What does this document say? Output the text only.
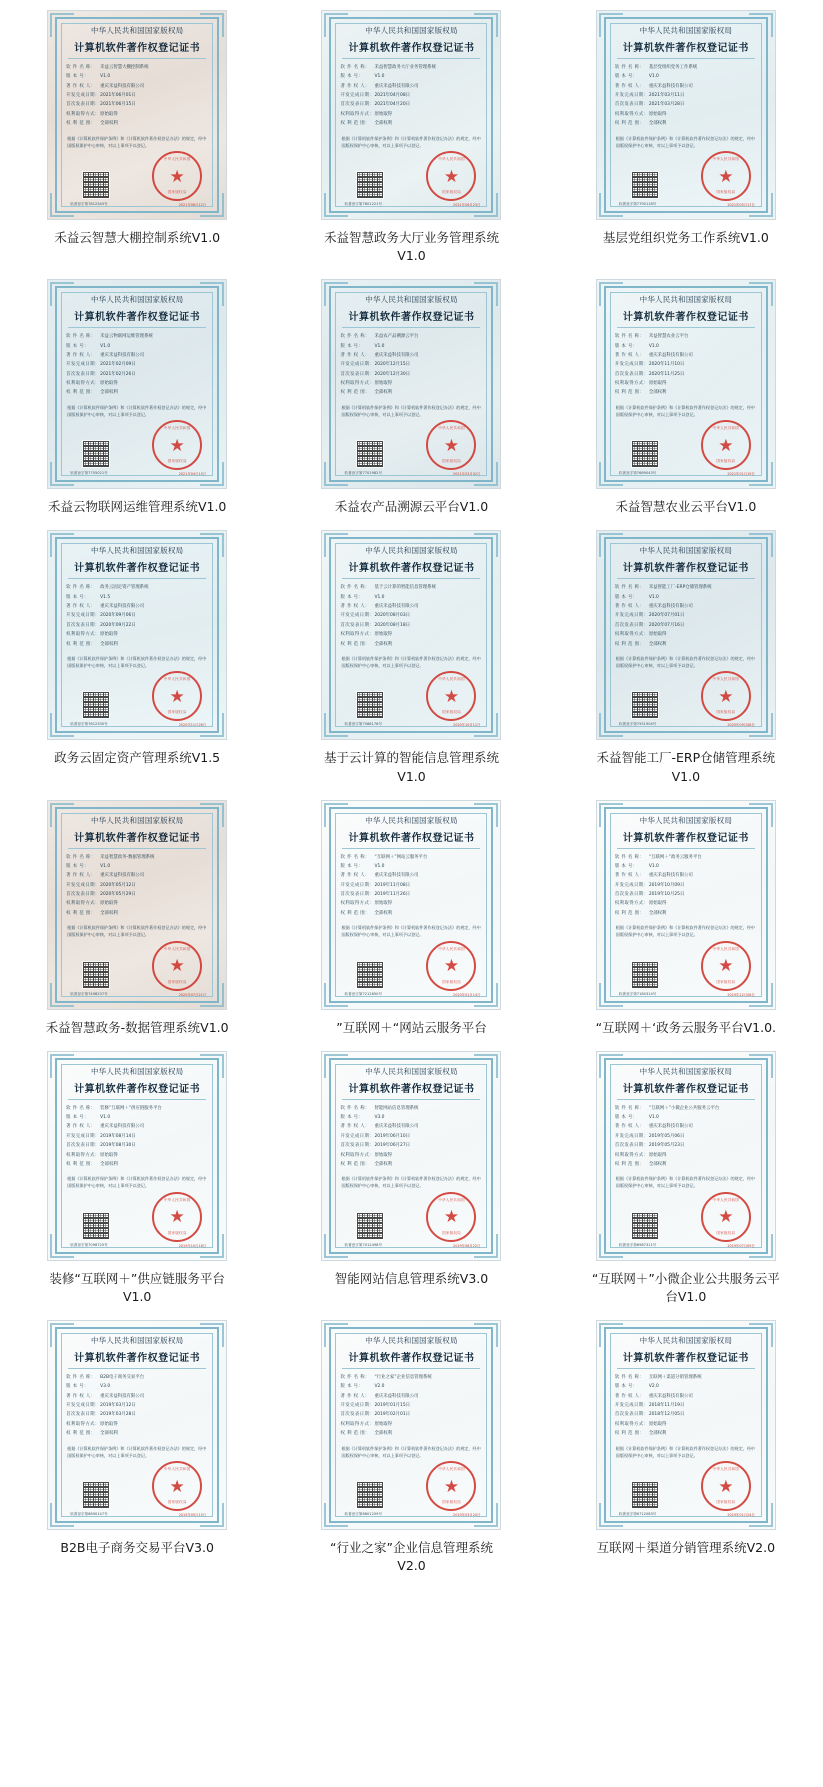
中华人民共和国国家版权局
计算机软件著作权登记证书
软 件 名 称：	禾益云智慧大棚控制系统
版 本 号：	V1.0
著 作 权 人：	重庆禾益科技有限公司
开发完成日期： 2021年06月01日
首次发表日期： 2021年06月15日
权利取得方式： 原始取得
权 利 范 围：	全部权利
根据《计算机软件保护条例》和《计算机软件著作权登记办法》的规定，经中国版权保护中心审核，对以上事项予以登记。
中华人民共和国
★
国家版权局
2021年08月12日
软著登字第7812345号
禾益云智慧大棚控制系统V1.0
中华人民共和国国家版权局
计算机软件著作权登记证书
软 件 名 称：	禾益智慧政务大厅业务管理系统
版 本 号：	V1.0
著 作 权 人：	重庆禾益科技有限公司
开发完成日期： 2021年04月08日
首次发表日期： 2021年04月20日
权利取得方式： 原始取得
权 利 范 围：	全部权利
根据《计算机软件保护条例》和《计算机软件著作权登记办法》的规定，经中国版权保护中心审核，对以上事项予以登记。
中华人民共和国
★
国家版权局
2021年06月23日
软著登字第7801221号
禾益智慧政务大厅业务管理系统V1.0
中华人民共和国国家版权局
计算机软件著作权登记证书
软 件 名 称：	基层党组织党务工作系统
版 本 号：	V1.0
著 作 权 人：	重庆禾益科技有限公司
开发完成日期： 2021年03月11日
首次发表日期： 2021年03月28日
权利取得方式： 原始取得
权 利 范 围：	全部权利
根据《计算机软件保护条例》和《计算机软件著作权登记办法》的规定，经中国版权保护中心审核，对以上事项予以登记。
中华人民共和国
★
国家版权局
2021年05月17日
软著登字第7790118号
基层党组织党务工作系统V1.0
中华人民共和国国家版权局
计算机软件著作权登记证书
软 件 名 称：	禾益云物联网运维管理系统
版 本 号：	V1.0
著 作 权 人：	重庆禾益科技有限公司
开发完成日期： 2021年02月09日
首次发表日期： 2021年02月26日
权利取得方式： 原始取得
权 利 范 围：	全部权利
根据《计算机软件保护条例》和《计算机软件著作权登记办法》的规定，经中国版权保护中心审核，对以上事项予以登记。
中华人民共和国
★
国家版权局
2021年04月15日
软著登字第7755021号
禾益云物联网运维管理系统V1.0
中华人民共和国国家版权局
计算机软件著作权登记证书
软 件 名 称：	禾益农产品溯源云平台
版 本 号：	V1.0
著 作 权 人：	重庆禾益科技有限公司
开发完成日期： 2020年12月15日
首次发表日期： 2020年12月30日
权利取得方式： 原始取得
权 利 范 围：	全部权利
根据《计算机软件保护条例》和《计算机软件著作权登记办法》的规定，经中国版权保护中心审核，对以上事项予以登记。
中华人民共和国
★
国家版权局
2021年03月02日
软著登字第7701982号
禾益农产品溯源云平台V1.0
中华人民共和国国家版权局
计算机软件著作权登记证书
软 件 名 称：	禾益智慧农业云平台
版 本 号：	V1.0
著 作 权 人：	重庆禾益科技有限公司
开发完成日期： 2020年11月10日
首次发表日期： 2020年11月25日
权利取得方式： 原始取得
权 利 范 围：	全部权利
根据《计算机软件保护条例》和《计算机软件著作权登记办法》的规定，经中国版权保护中心审核，对以上事项予以登记。
中华人民共和国
★
国家版权局
2021年01月19日
软著登字第7689043号
禾益智慧农业云平台V1.0
中华人民共和国国家版权局
计算机软件著作权登记证书
软 件 名 称：	政务云固定资产管理系统
版 本 号：	V1.5
著 作 权 人：	重庆禾益科技有限公司
开发完成日期： 2020年09月06日
首次发表日期： 2020年09月22日
权利取得方式： 原始取得
权 利 范 围：	全部权利
根据《计算机软件保护条例》和《计算机软件著作权登记办法》的规定，经中国版权保护中心审核，对以上事项予以登记。
中华人民共和国
★
国家版权局
2020年11月28日
软著登字第7612330号
政务云固定资产管理系统V1.5
中华人民共和国国家版权局
计算机软件著作权登记证书
软 件 名 称：	基于云计算的智能信息管理系统
版 本 号：	V1.0
著 作 权 人：	重庆禾益科技有限公司
开发完成日期： 2020年08月03日
首次发表日期： 2020年08月18日
权利取得方式： 原始取得
权 利 范 围：	全部权利
根据《计算机软件保护条例》和《计算机软件著作权登记办法》的规定，经中国版权保护中心审核，对以上事项予以登记。
中华人民共和国
★
国家版权局
2020年10月11日
软著登字第7588176号
基于云计算的智能信息管理系统V1.0
中华人民共和国国家版权局
计算机软件著作权登记证书
软 件 名 称：	禾益智能工厂-ERP仓储管理系统
版 本 号：	V1.0
著 作 权 人：	重庆禾益科技有限公司
开发完成日期： 2020年07月01日
首次发表日期： 2020年07月16日
权利取得方式： 原始取得
权 利 范 围：	全部权利
根据《计算机软件保护条例》和《计算机软件著作权登记办法》的规定，经中国版权保护中心审核，对以上事项予以登记。
中华人民共和国
★
国家版权局
2020年09月08日
软著登字第7551904号
禾益智能工厂-ERP仓储管理系统V1.0
中华人民共和国国家版权局
计算机软件著作权登记证书
软 件 名 称：	禾益智慧政务-数据管理系统
版 本 号：	V1.0
著 作 权 人：	重庆禾益科技有限公司
开发完成日期： 2020年05月12日
首次发表日期： 2020年05月29日
权利取得方式： 原始取得
权 利 范 围：	全部权利
根据《计算机软件保护条例》和《计算机软件著作权登记办法》的规定，经中国版权保护中心审核，对以上事项予以登记。
中华人民共和国
★
国家版权局
2020年07月21日
软著登字第7498237号
禾益智慧政务-数据管理系统V1.0
中华人民共和国国家版权局
计算机软件著作权登记证书
软 件 名 称：	“互联网＋”网站云服务平台
版 本 号：	V1.0
著 作 权 人：	重庆禾益科技有限公司
开发完成日期： 2019年11月08日
首次发表日期： 2019年11月26日
权利取得方式： 原始取得
权 利 范 围：	全部权利
根据《计算机软件保护条例》和《计算机软件著作权登记办法》的规定，经中国版权保护中心审核，对以上事项予以登记。
中华人民共和国
★
国家版权局
2020年01月14日
软著登字第7212650号
”互联网＋“网站云服务平台
中华人民共和国国家版权局
计算机软件著作权登记证书
软 件 名 称：	“互联网＋”政务云服务平台
版 本 号：	V1.0
著 作 权 人：	重庆禾益科技有限公司
开发完成日期： 2019年10月09日
首次发表日期： 2019年10月25日
权利取得方式： 原始取得
权 利 范 围：	全部权利
根据《计算机软件保护条例》和《计算机软件著作权登记办法》的规定，经中国版权保护中心审核，对以上事项予以登记。
中华人民共和国
★
国家版权局
2019年12月06日
软著登字第7180314号
“互联网＋‘政务云服务平台V1.0.
中华人民共和国国家版权局
计算机软件著作权登记证书
软 件 名 称：	装修“互联网＋”供应链服务平台
版 本 号：	V1.0
著 作 权 人：	重庆禾益科技有限公司
开发完成日期： 2019年08月14日
首次发表日期： 2019年08月30日
权利取得方式： 原始取得
权 利 范 围：	全部权利
根据《计算机软件保护条例》和《计算机软件著作权登记办法》的规定，经中国版权保护中心审核，对以上事项予以登记。
中华人民共和国
★
国家版权局
2019年10月18日
软著登字第7098725号
装修“互联网＋”供应链服务平台V1.0
中华人民共和国国家版权局
计算机软件著作权登记证书
软 件 名 称：	智能网站信息管理系统
版 本 号：	V3.0
著 作 权 人：	重庆禾益科技有限公司
开发完成日期： 2019年06月10日
首次发表日期： 2019年06月27日
权利取得方式： 原始取得
权 利 范 围：	全部权利
根据《计算机软件保护条例》和《计算机软件著作权登记办法》的规定，经中国版权保护中心审核，对以上事项予以登记。
中华人民共和国
★
国家版权局
2019年08月22日
软著登字第7012498号
智能网站信息管理系统V3.0
中华人民共和国国家版权局
计算机软件著作权登记证书
软 件 名 称：	“互联网＋”小微企业公共服务云平台
版 本 号：	V1.0
著 作 权 人：	重庆禾益科技有限公司
开发完成日期： 2019年05月06日
首次发表日期： 2019年05月23日
权利取得方式： 原始取得
权 利 范 围：	全部权利
根据《计算机软件保护条例》和《计算机软件著作权登记办法》的规定，经中国版权保护中心审核，对以上事项予以登记。
中华人民共和国
★
国家版权局
2019年07月09日
软著登字第6987311号
“互联网＋”小微企业公共服务云平台V1.0
中华人民共和国国家版权局
计算机软件著作权登记证书
软 件 名 称：	B2B电子商务交易平台
版 本 号：	V3.0
著 作 权 人：	重庆禾益科技有限公司
开发完成日期： 2019年03月12日
首次发表日期： 2019年03月28日
权利取得方式： 原始取得
权 利 范 围：	全部权利
根据《计算机软件保护条例》和《计算机软件著作权登记办法》的规定，经中国版权保护中心审核，对以上事项予以登记。
中华人民共和国
★
国家版权局
2019年05月15日
软著登字第6890147号
B2B电子商务交易平台V3.0
中华人民共和国国家版权局
计算机软件著作权登记证书
软 件 名 称：	“行业之家”企业信息管理系统
版 本 号：	V2.0
著 作 权 人：	重庆禾益科技有限公司
开发完成日期： 2019年01月15日
首次发表日期： 2019年02月01日
权利取得方式： 原始取得
权 利 范 围：	全部权利
根据《计算机软件保护条例》和《计算机软件著作权登记办法》的规定，经中国版权保护中心审核，对以上事项予以登记。
中华人民共和国
★
国家版权局
2019年03月20日
软著登字第6801259号
“行业之家”企业信息管理系统V2.0
中华人民共和国国家版权局
计算机软件著作权登记证书
软 件 名 称：	互联网＋渠道分销管理系统
版 本 号：	V2.0
著 作 权 人：	重庆禾益科技有限公司
开发完成日期： 2018年11月19日
首次发表日期： 2018年12月05日
权利取得方式： 原始取得
权 利 范 围：	全部权利
根据《计算机软件保护条例》和《计算机软件著作权登记办法》的规定，经中国版权保护中心审核，对以上事项予以登记。
中华人民共和国
★
国家版权局
2019年01月24日
软著登字第6712083号
互联网＋渠道分销管理系统V2.0
